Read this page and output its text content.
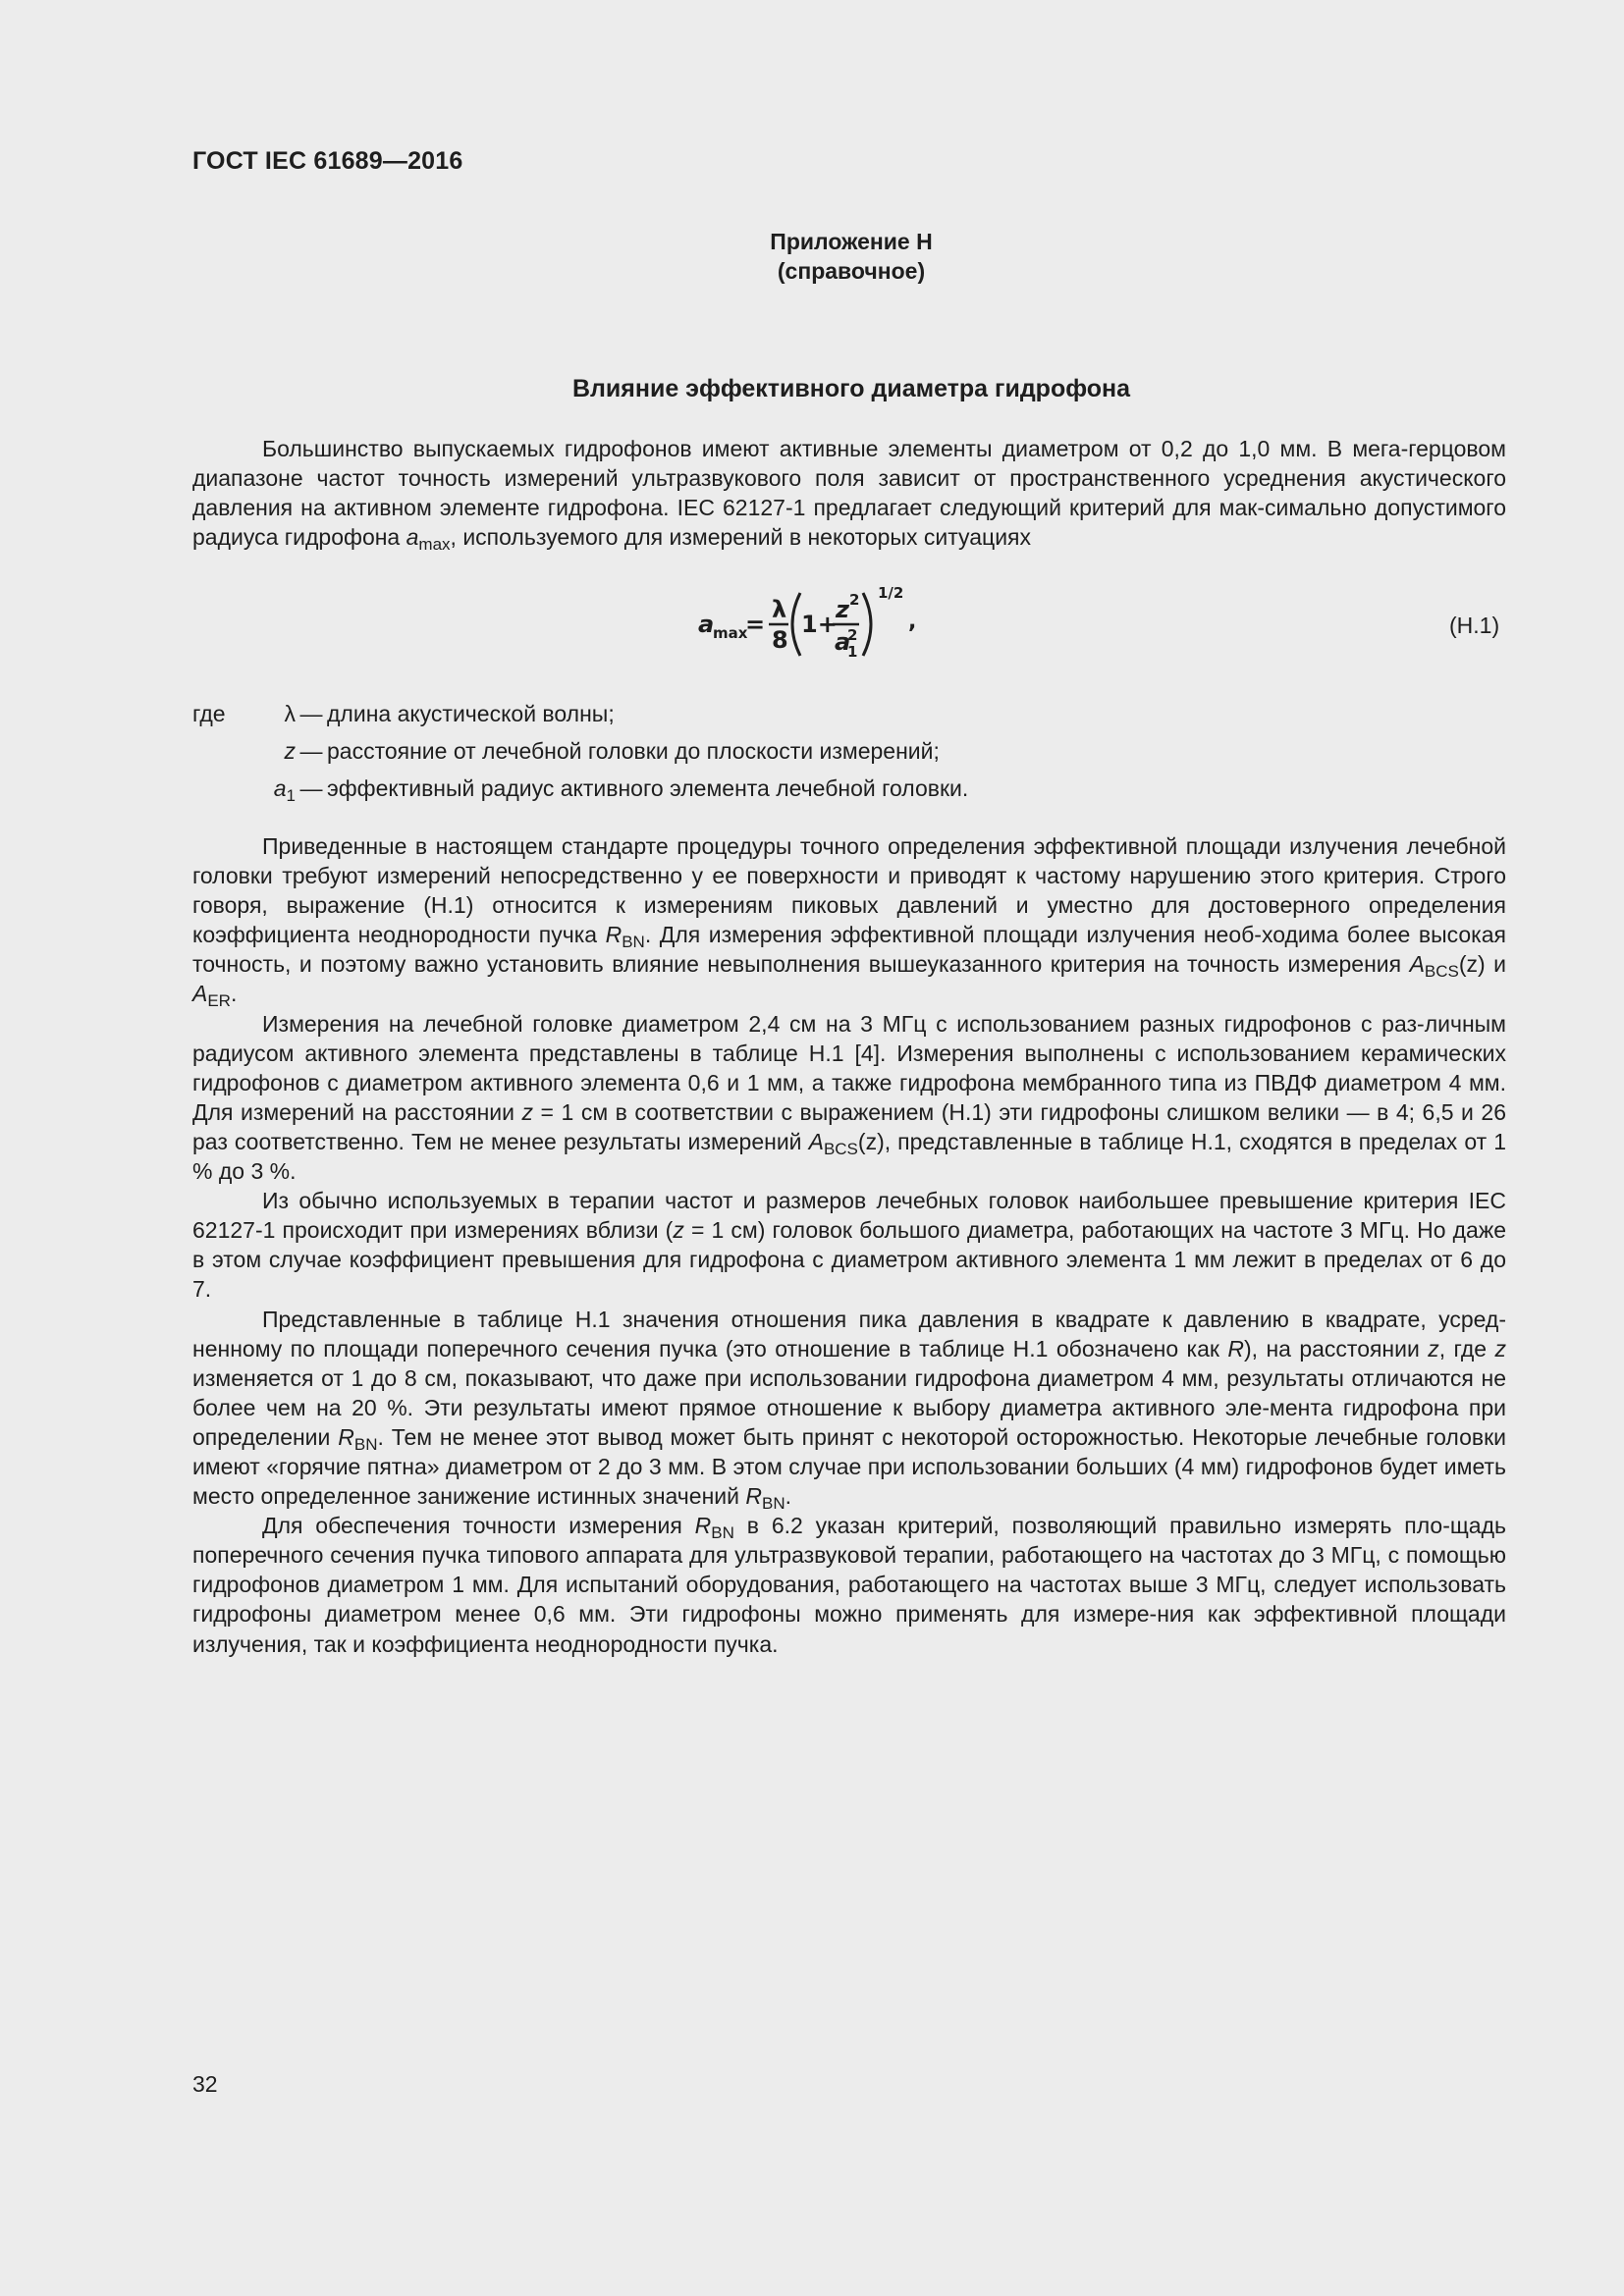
ГОСТ IEC 61689—2016
Приложение Н
(справочное)
Влияние эффективного диаметра гидрофона

Большинство выпускаемых гидрофонов имеют активные элементы диаметром от 0,2 до 1,0 мм. В мега-герцовом диапазоне частот точность измерений ультразвукового поля зависит от пространственного усреднения акустического давления на активном элементе гидрофона. IEC 62127-1 предлагает следующий критерий для мак-симально допустимого радиуса гидрофона $a_{max}$, используемого для измерений в некоторых ситуациях

a
max
=
λ
8
1+
z 2
a
2
1
1/2
,	(Н.1)
где	λ — длина акустической волны;
z — расстояние от лечебной головки до плоскости измерений;
$a_1$ — эффективный радиус активного элемента лечебной головки.

Приведенные в настоящем стандарте процедуры точного определения эффективной площади излучения лечебной головки требуют измерений непосредственно у ее поверхности и приводят к частому нарушению этого критерия. Строго говоря, выражение (Н.1) относится к измерениям пиковых давлений и уместно для достоверного определения коэффициента неоднородности пучка $R_{BN}$. Для измерения эффективной площади излучения необ-ходима более высокая точность, и поэтому важно установить влияние невыполнения вышеуказанного критерия на точность измерения $A_{BCS}(z)$ и $A_{ER}$.

Измерения на лечебной головке диаметром 2,4 см на 3 МГц с использованием разных гидрофонов с раз-личным радиусом активного элемента представлены в таблице Н.1 [4]. Измерения выполнены с использованием керамических гидрофонов с диаметром активного элемента 0,6 и 1 мм, а также гидрофона мембранного типа из ПВДФ диаметром 4 мм. Для измерений на расстоянии z = 1 см в соответствии с выражением (Н.1) эти гидрофоны слишком велики — в 4; 6,5 и 26 раз соответственно. Тем не менее результаты измерений $A_{BCS}(z)$, представленные в таблице Н.1, сходятся в пределах от 1 % до 3 %.

Из обычно используемых в терапии частот и размеров лечебных головок наибольшее превышение критерия IEC 62127-1 происходит при измерениях вблизи (z = 1 см) головок большого диаметра, работающих на частоте 3 МГц. Но даже в этом случае коэффициент превышения для гидрофона с диаметром активного элемента 1 мм лежит в пределах от 6 до 7.

Представленные в таблице Н.1 значения отношения пика давления в квадрате к давлению в квадрате, усред-ненному по площади поперечного сечения пучка (это отношение в таблице Н.1 обозначено как R), на расстоянии z, где z изменяется от 1 до 8 см, показывают, что даже при использовании гидрофона диаметром 4 мм, результаты отличаются не более чем на 20 %. Эти результаты имеют прямое отношение к выбору диаметра активного эле-мента гидрофона при определении $R_{BN}$. Тем не менее этот вывод может быть принят с некоторой осторожностью. Некоторые лечебные головки имеют «горячие пятна» диаметром от 2 до 3 мм. В этом случае при использовании больших (4 мм) гидрофонов будет иметь место определенное занижение истинных значений $R_{BN}$.

Для обеспечения точности измерения $R_{BN}$ в 6.2 указан критерий, позволяющий правильно измерять пло-щадь поперечного сечения пучка типового аппарата для ультразвуковой терапии, работающего на частотах до 3 МГц, с помощью гидрофонов диаметром 1 мм. Для испытаний оборудования, работающего на частотах выше 3 МГц, следует использовать гидрофоны диаметром менее 0,6 мм. Эти гидрофоны можно применять для измере-ния как эффективной площади излучения, так и коэффициента неоднородности пучка.

32
